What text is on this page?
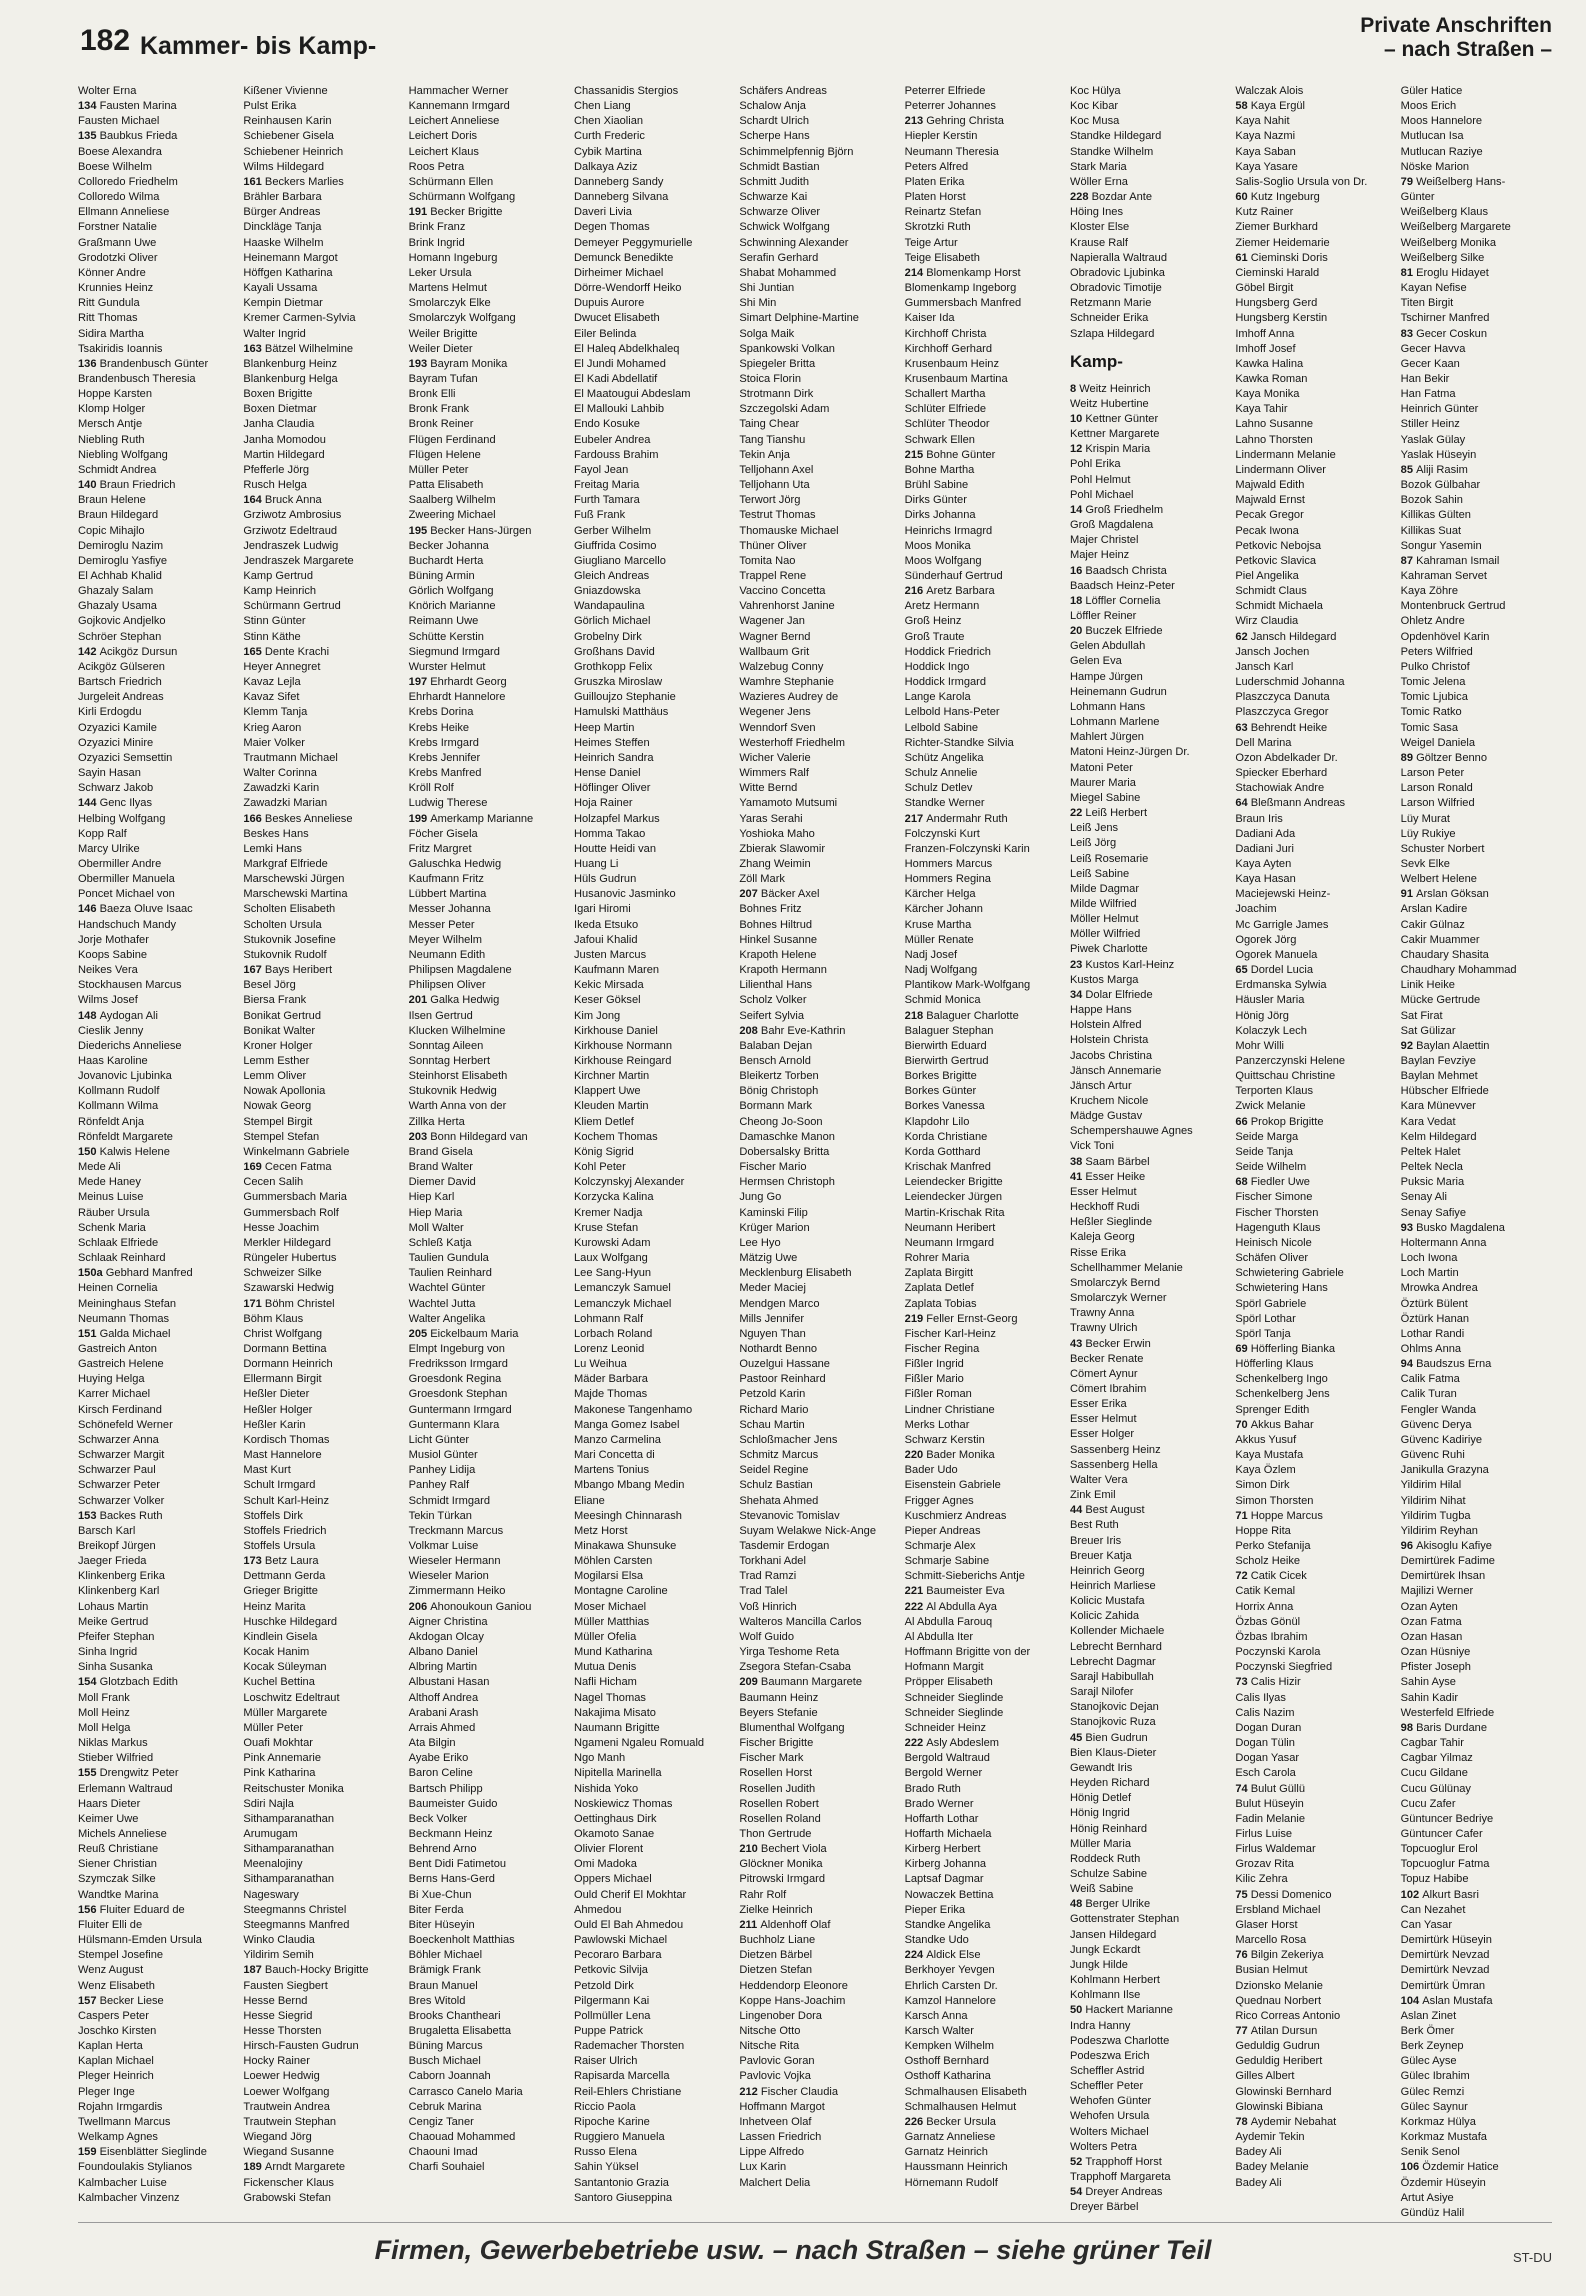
182 Kammer- bis Kamp-
Private Anschriften
– nach Straßen –
Wolter Erna
134 Fausten Marina
Fausten Michael
135 Baubkus Frieda
Boese Alexandra
Boese Wilhelm
Colloredo Friedhelm
Colloredo Wilma
Ellmann Anneliese
Forstner Natalie
Graßmann Uwe
Grodotzki Oliver
Könner Andre
Krunnies Heinz
Ritt Gundula
Ritt Thomas
Sidira Martha
Tsakiridis Ioannis
136 Brandenbusch Günter
Brandenbusch Theresia
Hoppe Karsten
Klomp Holger
Mersch Antje
Niebling Ruth
Niebling Wolfgang
Schmidt Andrea
140 Braun Friedrich
Braun Helene
Braun Hildegard
Copic Mihajlo
Demiroglu Nazim
Demiroglu Yasfiye
El Achhab Khalid
Ghazaly Salam
Ghazaly Usama
Gojkovic Andjelko
Schröer Stephan
142 Acikgöz Dursun
Acikgöz Gülseren
Bartsch Friedrich
Jurgeleit Andreas
Kirli Erdogdu
Ozyazici Kamile
Ozyazici Minire
Ozyazici Semsettin
Sayin Hasan
Schwarz Jakob
144 Genc Ilyas
Helbing Wolfgang
Kopp Ralf
Marcy Ulrike
Obermiller Andre
Obermiller Manuela
Poncet Michael von
146 Baeza Oluve Isaac
Handschuch Mandy
Jorje Mothafer
Koops Sabine
Neikes Vera
Stockhausen Marcus
Wilms Josef
148 Aydogan Ali
Cieslik Jenny
Diederichs Anneliese
Haas Karoline
Jovanovic Ljubinka
Kollmann Rudolf
Kollmann Wilma
Rönfeldt Anja
Rönfeldt Margarete
150 Kalwis Helene
Mede Ali
Mede Haney
Meinus Luise
Räuber Ursula
Schenk Maria
Schlaak Elfriede
Schlaak Reinhard
150a Gebhard Manfred
Heinen Cornelia
Meininghaus Stefan
Neumann Thomas
151 Galda Michael
Gastreich Anton
Gastreich Helene
Huying Helga
Karrer Michael
Kirsch Ferdinand
Schönefeld Werner
Schwarzer Anna
Schwarzer Margit
Schwarzer Paul
Schwarzer Peter
Schwarzer Volker
153 Backes Ruth
Barsch Karl
Breikopf Jürgen
Jaeger Frieda
Klinkenberg Erika
Klinkenberg Karl
Lohaus Martin
Meike Gertrud
Pfeifer Stephan
Sinha Ingrid
Sinha Susanka
154 Glotzbach Edith
Moll Frank
Moll Heinz
Moll Helga
Niklas Markus
Stieber Wilfried
155 Drengwitz Peter
Erlemann Waltraud
Haars Dieter
Keimer Uwe
Michels Anneliese
Reuß Christiane
Siener Christian
Szymczak Silke
Wandtke Marina
156 Fluiter Eduard de
Fluiter Elli de
Hülsmann-Emden Ursula
Stempel Josefine
Wenz August
Wenz Elisabeth
157 Becker Liese
Caspers Peter
Joschko Kirsten
Kaplan Herta
Kaplan Michael
Pleger Heinrich
Pleger Inge
Rojahn Irmgardis
Twellmann Marcus
Welkamp Agnes
159 Eisenblätter Sieglinde
Foundoulakis Stylianos
Kalmbacher Luise
Kalmbacher Vinzenz
Kißener Vivienne
Pulst Erika
Reinhausen Karin
Schiebener Gisela
Schiebener Heinrich
Wilms Hildegard
161 Beckers Marlies
Brähler Barbara
Bürger Andreas
Dinckläge Tanja
Haaske Wilhelm
Heinemann Margot
Höffgen Katharina
Kayali Ussama
Kempin Dietmar
Kremer Carmen-Sylvia
Walter Ingrid
163 Bätzel Wilhelmine
Blankenburg Heinz
Blankenburg Helga
Boxen Brigitte
Boxen Dietmar
Janha Claudia
Janha Momodou
Martin Hildegard
Pfefferle Jörg
Rusch Helga
164 Bruck Anna
Grziwotz Ambrosius
Grziwotz Edeltraud
Jendraszek Ludwig
Jendraszek Margarete
Kamp Gertrud
Kamp Heinrich
Schürmann Gertrud
Stinn Günter
Stinn Käthe
165 Dente Krachi
Heyer Annegret
Kavaz Lejla
Kavaz Sifet
Klemm Tanja
Krieg Aaron
Maier Volker
Trautmann Michael
Walter Corinna
Zawadzki Karin
Zawadzki Marian
166 Beskes Anneliese
Beskes Hans
Lemki Hans
Markgraf Elfriede
Marschewski Jürgen
Marschewski Martina
Scholten Elisabeth
Scholten Ursula
Stukovnik Josefine
Stukovnik Rudolf
167 Bays Heribert
Besel Jörg
Biersa Frank
Bonikat Gertrud
Bonikat Walter
Kroner Holger
Lemm Esther
Lemm Oliver
Nowak Apollonia
Nowak Georg
Stempel Birgit
Stempel Stefan
Winkelmann Gabriele
169 Cecen Fatma
Cecen Salih
Gummersbach Maria
Gummersbach Rolf
Hesse Joachim
Merkler Hildegard
Rüngeler Hubertus
Schweizer Silke
Szawarski Hedwig
171 Böhm Christel
Böhm Klaus
Christ Wolfgang
Dormann Bettina
Dormann Heinrich
Ellermann Birgit
Heßler Dieter
Heßler Holger
Heßler Karin
Kordisch Thomas
Mast Hannelore
Mast Kurt
Schult Irmgard
Schult Karl-Heinz
Stoffels Dirk
Stoffels Friedrich
Stoffels Ursula
173 Betz Laura
Dettmann Gerda
Grieger Brigitte
Heinz Marita
Huschke Hildegard
Kindlein Gisela
Kocak Hanim
Kocak Süleyman
Kuchel Bettina
Loschwitz Edeltraut
Müller Margarete
Müller Peter
Ouafi Mokhtar
Pink Annemarie
Pink Katharina
Reitschuster Monika
Sdiri Najla
Sithamparanathan
Arumugam
Sithamparanathan
Meenalojiny
Sithamparanathan
Nageswary
Steegmanns Christel
Steegmanns Manfred
Winko Claudia
Yildirim Semih
187 Bauch-Hocky Brigitte
Fausten Siegbert
Hesse Bernd
Hesse Siegrid
Hesse Thorsten
Hirsch-Fausten Gudrun
Hocky Rainer
Loewer Hedwig
Loewer Wolfgang
Trautwein Andrea
Trautwein Stephan
Wiegand Jörg
Wiegand Susanne
189 Arndt Margarete
Fickenscher Klaus
Grabowski Stefan
Hammacher Werner
Kannemann Irmgard
Leichert Anneliese
Leichert Doris
Leichert Klaus
Roos Petra
Schürmann Ellen
Schürmann Wolfgang
191 Becker Brigitte
Brink Franz
Brink Ingrid
Homann Ingeburg
Leker Ursula
Martens Helmut
Smolarczyk Elke
Smolarczyk Wolfgang
Weiler Brigitte
Weiler Dieter
193 Bayram Monika
Bayram Tufan
Bronk Elli
Bronk Frank
Bronk Reiner
Flügen Ferdinand
Flügen Helene
Müller Peter
Patta Elisabeth
Saalberg Wilhelm
Zweering Michael
195 Becker Hans-Jürgen
Becker Johanna
Buchardt Herta
Büning Armin
Görlich Wolfgang
Knörich Marianne
Reimann Uwe
Schütte Kerstin
Siegmund Irmgard
Wurster Helmut
197 Ehrhardt Georg
Ehrhardt Hannelore
Krebs Dorina
Krebs Heike
Krebs Irmgard
Krebs Jennifer
Krebs Manfred
Kröll Rolf
Ludwig Therese
199 Amerkamp Marianne
Föcher Gisela
Fritz Margret
Galuschka Hedwig
Kaufmann Fritz
Lübbert Martina
Messer Johanna
Messer Peter
Meyer Wilhelm
Neumann Edith
Philipsen Magdalene
Philipsen Oliver
201 Galka Hedwig
Ilsen Gertrud
Klucken Wilhelmine
Sonntag Aileen
Sonntag Herbert
Steinhorst Elisabeth
Stukovnik Hedwig
Warth Anna von der
Zillka Herta
203 Bonn Hildegard van
Brand Gisela
Brand Walter
Diemer David
Hiep Karl
Hiep Maria
Moll Walter
Schleß Katja
Taulien Gundula
Taulien Reinhard
Wachtel Günter
Wachtel Jutta
Walter Angelika
205 Eickelbaum Maria
Elmpt Ingeburg von
Fredriksson Irmgard
Groesdonk Regina
Groesdonk Stephan
Guntermann Irmgard
Guntermann Klara
Licht Günter
Musiol Günter
Panhey Lidija
Panhey Ralf
Schmidt Irmgard
Tekin Türkan
Treckmann Marcus
Volkmar Luise
Wieseler Hermann
Wieseler Marion
Zimmermann Heiko
206 Ahonoukoun Ganiou
Aigner Christina
Akdogan Olcay
Albano Daniel
Albring Martin
Albustani Hasan
Althoff Andrea
Arabani Arash
Arrais Ahmed
Ata Bilgin
Ayabe Eriko
Baron Celine
Bartsch Philipp
Baumeister Guido
Beck Volker
Beckmann Heinz
Behrend Arno
Bent Didi Fatimetou
Berns Hans-Gerd
Bi Xue-Chun
Biter Ferda
Biter Hüseyin
Boeckenholt Matthias
Böhler Michael
Brämigk Frank
Braun Manuel
Bres Witold
Brooks Chantheari
Brugaletta Elisabetta
Büning Marcus
Busch Michael
Caborn Joannah
Carrasco Canelo Maria
Cebruk Marina
Cengiz Taner
Chaouad Mohammed
Chaouni Imad
Charfi Souhaiel
Chassanidis Stergios
Chen Liang
Chen Xiaolian
Curth Frederic
Cybik Martina
Dalkaya Aziz
Danneberg Sandy
Danneberg Silvana
Daveri Livia
Degen Thomas
Demeyer Peggymurielle
Demunck Benedikte
Dirheimer Michael
Dörre-Wendorff Heiko
Dupuis Aurore
Dwucet Elisabeth
Eiler Belinda
El Haleq Abdelkhaleq
El Jundi Mohamed
El Kadi Abdellatif
El Maatougui Abdeslam
El Mallouki Lahbib
Endo Kosuke
Eubeler Andrea
Fardouss Brahim
Fayol Jean
Freitag Maria
Furth Tamara
Fuß Frank
Gerber Wilhelm
Giuffrida Cosimo
Giugliano Marcello
Gleich Andreas
Gniazdowska
Wandapaulina
Görlich Michael
Grobelny Dirk
Großhans David
Grothkopp Felix
Gruszka Miroslaw
Guilloujzo Stephanie
Hamulski Matthäus
Heep Martin
Heimes Steffen
Heinrich Sandra
Hense Daniel
Höflinger Oliver
Hoja Rainer
Holzapfel Markus
Homma Takao
Houtte Heidi van
Huang Li
Hüls Gudrun
Husanovic Jasminko
Igari Hiromi
Ikeda Etsuko
Jafoui Khalid
Justen Marcus
Kaufmann Maren
Kekic Mirsada
Keser Göksel
Kim Jong
Kirkhouse Daniel
Kirkhouse Normann
Kirkhouse Reingard
Kirchner Martin
Klappert Uwe
Kleuden Martin
Kliem Detlef
Kochem Thomas
König Sigrid
Kohl Peter
Kolczynskyj Alexander
Korzycka Kalina
Kremer Nadja
Kruse Stefan
Kurowski Adam
Laux Wolfgang
Lee Sang-Hyun
Lemanczyk Samuel
Lemanczyk Michael
Lohmann Ralf
Lorbach Roland
Lorenz Leonid
Lu Weihua
Mäder Barbara
Majde Thomas
Makonese Tangenhamo
Manga Gomez Isabel
Manzo Carmelina
Mari Concetta di
Martens Tonius
Mbango Mbang Medin
Eliane
Meesingh Chinnarash
Metz Horst
Minakawa Shunsuke
Möhlen Carsten
Mogilarsi Elsa
Montagne Caroline
Moser Michael
Müller Matthias
Müller Ofelia
Mund Katharina
Mutua Denis
Nafli Hicham
Nagel Thomas
Nakajima Misato
Naumann Brigitte
Ngameni Ngaleu Romuald
Ngo Manh
Nipitella Marinella
Nishida Yoko
Noskiewicz Thomas
Oettinghaus Dirk
Okamoto Sanae
Olivier Florent
Omi Madoka
Oppers Michael
Ould Cherif El Mokhtar
Ahmedou
Ould El Bah Ahmedou
Pawlowski Michael
Pecoraro Barbara
Petkovic Silvija
Petzold Dirk
Pilgermann Kai
Pollmüller Lena
Puppe Patrick
Rademacher Thorsten
Raiser Ulrich
Rapisarda Marcella
Reil-Ehlers Christiane
Riccio Paola
Ripoche Karine
Ruggiero Manuela
Russo Elena
Sahin Yüksel
Santantonio Grazia
Santoro Giuseppina
Schäfers Andreas
Schalow Anja
Schardt Ulrich
Scherpe Hans
Schimmelpfennig Björn
Schmidt Bastian
Schmitt Judith
Schwarze Kai
Schwarze Oliver
Schwick Wolfgang
Schwinning Alexander
Serafin Gerhard
Shabat Mohammed
Shi Juntian
Shi Min
Simart Delphine-Martine
Solga Maik
Spankowski Volkan
Spiegeler Britta
Stoica Florin
Strotmann Dirk
Szczegolski Adam
Taing Chear
Tang Tianshu
Tekin Anja
Telljohann Axel
Telljohann Uta
Terwort Jörg
Testrut Thomas
Thomauske Michael
Thüner Oliver
Tomita Nao
Trappel Rene
Vaccino Concetta
Vahrenhorst Janine
Wagener Jan
Wagner Bernd
Wallbaum Grit
Walzebug Conny
Wamhre Stephanie
Wazieres Audrey de
Wegener Jens
Wenndorf Sven
Westerhoff Friedhelm
Wicher Valerie
Wimmers Ralf
Witte Bernd
Yamamoto Mutsumi
Yaras Serahi
Yoshioka Maho
Zbierak Slawomir
Zhang Weimin
Zöll Mark
207 Bäcker Axel
Bohnes Fritz
Bohnes Hiltrud
Hinkel Susanne
Krapoth Helene
Krapoth Hermann
Lilienthal Hans
Scholz Volker
Seifert Sylvia
208 Bahr Eve-Kathrin
Balaban Dejan
Bensch Arnold
Bleikertz Torben
Bönig Christoph
Bormann Mark
Cheong Jo-Soon
Damaschke Manon
Dobersalsky Britta
Fischer Mario
Hermsen Christoph
Jung Go
Kaminski Filip
Krüger Marion
Lee Hyo
Mätzig Uwe
Mecklenburg Elisabeth
Meder Maciej
Mendgen Marco
Mills Jennifer
Nguyen Than
Nothardt Benno
Ouzelgui Hassane
Pastoor Reinhard
Petzold Karin
Richard Mario
Schau Martin
Schloßmacher Jens
Schmitz Marcus
Seidel Regine
Schulz Bastian
Shehata Ahmed
Stevanovic Tomislav
Suyam Welakwe Nick-Ange
Tasdemir Erdogan
Torkhani Adel
Trad Ramzi
Trad Talel
Voß Hinrich
Walteros Mancilla Carlos
Wolf Guido
Yirga Teshome Reta
Zsegora Stefan-Csaba
209 Baumann Margarete
Baumann Heinz
Beyers Stefanie
Blumenthal Wolfgang
Fischer Brigitte
Fischer Mark
Rosellen Horst
Rosellen Judith
Rosellen Robert
Rosellen Roland
Thon Gertrude
210 Bechert Viola
Glöckner Monika
Pitrowski Irmgard
Rahr Rolf
Zielke Heinrich
211 Aldenhoff Olaf
Buchholz Liane
Dietzen Bärbel
Dietzen Stefan
Heddendorp Eleonore
Koppe Hans-Joachim
Lingenober Dora
Nitsche Otto
Nitsche Rita
Pavlovic Goran
Pavlovic Vojka
212 Fischer Claudia
Hoffmann Margot
Inhetveen Olaf
Lassen Friedrich
Lippe Alfredo
Lux Karin
Malchert Delia
Peterrer Elfriede
Peterrer Johannes
213 Gehring Christa
Hiepler Kerstin
Neumann Theresia
Peters Alfred
Platen Erika
Platen Horst
Reinartz Stefan
Skrotzki Ruth
Teige Artur
Teige Elisabeth
214 Blomenkamp Horst
Blomenkamp Ingeborg
Gummersbach Manfred
Kaiser Ida
Kirchhoff Christa
Kirchhoff Gerhard
Krusenbaum Heinz
Krusenbaum Martina
Schallert Martha
Schlüter Elfriede
Schlüter Theodor
Schwark Ellen
215 Bohne Günter
Bohne Martha
Brühl Sabine
Dirks Günter
Dirks Johanna
Heinrichs Irmagrd
Moos Monika
Moos Wolfgang
Sünderhauf Gertrud
216 Aretz Barbara
Aretz Hermann
Groß Heinz
Groß Traute
Hoddick Friedrich
Hoddick Ingo
Hoddick Irmgard
Lange Karola
Lelbold Hans-Peter
Lelbold Sabine
Richter-Standke Silvia
Schütz Angelika
Schulz Annelie
Schulz Detlev
Standke Werner
217 Andermahr Ruth
Folczynski Kurt
Franzen-Folczynski Karin
Hommers Marcus
Hommers Regina
Kärcher Helga
Kärcher Johann
Kruse Martha
Müller Renate
Nadj Josef
Nadj Wolfgang
Plantikow Mark-Wolfgang
Schmid Monica
218 Balaguer Charlotte
Balaguer Stephan
Bierwirth Eduard
Bierwirth Gertrud
Borkes Brigitte
Borkes Günter
Borkes Vanessa
Klapdohr Lilo
Korda Christiane
Korda Gotthard
Krischak Manfred
Leiendecker Brigitte
Leiendecker Jürgen
Martin-Krischak Rita
Neumann Heribert
Neumann Irmgard
Rohrer Maria
Zaplata Birgitt
Zaplata Detlef
Zaplata Tobias
219 Feller Ernst-Georg
Fischer Karl-Heinz
Fischer Regina
Fißler Ingrid
Fißler Mario
Fißler Roman
Lindner Christiane
Merks Lothar
Schwarz Kerstin
220 Bader Monika
Bader Udo
Eisenstein Gabriele
Frigger Agnes
Kuschmierz Andreas
Pieper Andreas
Schmarje Alex
Schmarje Sabine
Schmitt-Sieberichs Antje
221 Baumeister Eva
222 Al Abdulla Aya
Al Abdulla Farouq
Al Abdulla Iter
Hoffmann Brigitte von der
Hofmann Margit
Pröpper Elisabeth
Schneider Sieglinde
Schneider Sieglinde
Schneider Heinz
222 Asly Abdeslem
Bergold Waltraud
Bergold Werner
Brado Ruth
Brado Werner
Hoffarth Lothar
Hoffarth Michaela
Kirberg Herbert
Kirberg Johanna
Laptsaf Dagmar
Nowaczek Bettina
Pieper Erika
Standke Angelika
Standke Udo
224 Aldick Else
Berkhoyer Yevgen
Ehrlich Carsten Dr.
Kamzol Hannelore
Karsch Anna
Karsch Walter
Kempken Wilhelm
Osthoff Bernhard
Osthoff Katharina
Schmalhausen Elisabeth
Schmalhausen Helmut
226 Becker Ursula
Garnatz Anneliese
Garnatz Heinrich
Haussmann Heinrich
Hörnemann Rudolf
Koc Hülya
Koc Kibar
Koc Musa
Standke Hildegard
Standke Wilhelm
Stark Maria
Wöller Erna
228 Bozdar Ante
Höing Ines
Kloster Else
Krause Ralf
Napieralla Waltraud
Obradovic Ljubinka
Obradovic Timotije
Retzmann Marie
Schneider Erika
Szlapa Hildegard
Kamp-
8 Weitz Heinrich
Weitz Hubertine
10 Kettner Günter
Kettner Margarete
12 Krispin Maria
Pohl Erika
Pohl Helmut
Pohl Michael
14 Groß Friedhelm
Groß Magdalena
Majer Christel
Majer Heinz
16 Baadsch Christa
Baadsch Heinz-Peter
18 Löffler Cornelia
Löffler Reiner
20 Buczek Elfriede
Gelen Abdullah
Gelen Eva
Hampe Jürgen
Heinemann Gudrun
Lohmann Hans
Lohmann Marlene
Mahlert Jürgen
Matoni Heinz-Jürgen Dr.
Matoni Peter
Maurer Maria
Miegel Sabine
22 Leiß Herbert
Leiß Jens
Leiß Jörg
Leiß Rosemarie
Leiß Sabine
Milde Dagmar
Milde Wilfried
Möller Helmut
Möller Wilfried
Piwek Charlotte
23 Kustos Karl-Heinz
Kustos Marga
34 Dolar Elfriede
Happe Hans
Holstein Alfred
Holstein Christa
Jacobs Christina
Jänsch Annemarie
Jänsch Artur
Kruchem Nicole
Mädge Gustav
Schempershauwe Agnes
Vick Toni
38 Saam Bärbel
41 Esser Heike
Esser Helmut
Heckhoff Rudi
Heßler Sieglinde
Kaleja Georg
Risse Erika
Schellhammer Melanie
Smolarczyk Bernd
Smolarczyk Werner
Trawny Anna
Trawny Ulrich
43 Becker Erwin
Becker Renate
Cömert Aynur
Cömert Ibrahim
Esser Erika
Esser Helmut
Esser Holger
Sassenberg Heinz
Sassenberg Hella
Walter Vera
Zink Emil
44 Best August
Best Ruth
Breuer Iris
Breuer Katja
Heinrich Georg
Heinrich Marliese
Kolicic Mustafa
Kolicic Zahida
Kollender Michaele
Lebrecht Bernhard
Lebrecht Dagmar
Sarajl Habibullah
Sarajl Nilofer
Stanojkovic Dejan
Stanojkovic Ruza
45 Bien Gudrun
Bien Klaus-Dieter
Gewandt Iris
Heyden Richard
Hönig Detlef
Hönig Ingrid
Hönig Reinhard
Müller Maria
Roddeck Ruth
Schulze Sabine
Weiß Sabine
48 Berger Ulrike
Gottenstrater Stephan
Jansen Hildegard
Jungk Eckardt
Jungk Hilde
Kohlmann Herbert
Kohlmann Ilse
50 Hackert Marianne
Indra Hanny
Podeszwa Charlotte
Podeszwa Erich
Scheffler Astrid
Scheffler Peter
Wehofen Günter
Wehofen Ursula
Wolters Michael
Wolters Petra
52 Trapphoff Horst
Trapphoff Margareta
54 Dreyer Andreas
Dreyer Bärbel
Walczak Alois
58 Kaya Ergül
Kaya Nahit
Kaya Nazmi
Kaya Saban
Kaya Yasare
Salis-Soglio Ursula von Dr.
60 Kutz Ingeburg
Kutz Rainer
Ziemer Burkhard
Ziemer Heidemarie
61 Cieminski Doris
Cieminski Harald
Göbel Birgit
Hungsberg Gerd
Hungsberg Kerstin
Imhoff Anna
Imhoff Josef
Kawka Halina
Kawka Roman
Kaya Monika
Kaya Tahir
Lahno Susanne
Lahno Thorsten
Lindermann Melanie
Lindermann Oliver
Majwald Edith
Majwald Ernst
Pecak Gregor
Pecak Iwona
Petkovic Nebojsa
Petkovic Slavica
Piel Angelika
Schmidt Claus
Schmidt Michaela
Wirz Claudia
62 Jansch Hildegard
Jansch Jochen
Jansch Karl
Luderschmid Johanna
Plaszczyca Danuta
Plaszczyca Gregor
63 Behrendt Heike
Dell Marina
Ozon Abdelkader Dr.
Spiecker Eberhard
Stachowiak Andre
64 Bleßmann Andreas
Braun Iris
Dadiani Ada
Dadiani Juri
Kaya Ayten
Kaya Hasan
Maciejewski Heinz-
Joachim
Mc Garrigle James
Ogorek Jörg
Ogorek Manuela
65 Dordel Lucia
Erdmanska Sylwia
Häusler Maria
Hönig Jörg
Kolaczyk Lech
Mohr Willi
Panzerczynski Helene
Quittschau Christine
Terporten Klaus
Zwick Melanie
66 Prokop Brigitte
Seide Marga
Seide Tanja
Seide Wilhelm
68 Fiedler Uwe
Fischer Simone
Fischer Thorsten
Hagenguth Klaus
Heinisch Nicole
Schäfen Oliver
Schwietering Gabriele
Schwietering Hans
Spörl Gabriele
Spörl Lothar
Spörl Tanja
69 Höfferling Bianka
Höfferling Klaus
Schenkelberg Ingo
Schenkelberg Jens
Sprenger Edith
70 Akkus Bahar
Akkus Yusuf
Kaya Mustafa
Kaya Özlem
Simon Dirk
Simon Thorsten
71 Hoppe Marcus
Hoppe Rita
Perko Stefanija
Scholz Heike
72 Catik Cicek
Catik Kemal
Horrix Anna
Özbas Gönül
Özbas Ibrahim
Poczynski Karola
Poczynski Siegfried
73 Calis Hizir
Calis Ilyas
Calis Nazim
Dogan Duran
Dogan Tülin
Dogan Yasar
Esch Carola
74 Bulut Güllü
Bulut Hüseyin
Fadin Melanie
Firlus Luise
Firlus Waldemar
Grozav Rita
Kilic Zehra
75 Dessi Domenico
Ersbland Michael
Glaser Horst
Marcello Rosa
76 Bilgin Zekeriya
Busian Helmut
Dzionsko Melanie
Quednau Norbert
Rico Correas Antonio
77 Atilan Dursun
Geduldig Gudrun
Geduldig Heribert
Gilles Albert
Glowinski Bernhard
Glowinski Bibiana
78 Aydemir Nebahat
Aydemir Tekin
Badey Ali
Badey Melanie
Badey Ali
Güler Hatice
Moos Erich
Moos Hannelore
Mutlucan Isa
Mutlucan Raziye
Nöske Marion
79 Weißelberg Hans-
Günter
Weißelberg Klaus
Weißelberg Margarete
Weißelberg Monika
Weißelberg Silke
81 Eroglu Hidayet
Kayan Nefise
Titen Birgit
Tschirner Manfred
83 Gecer Coskun
Gecer Havva
Gecer Kaan
Han Bekir
Han Fatma
Heinrich Günter
Stiller Heinz
Yaslak Gülay
Yaslak Hüseyin
85 Aliji Rasim
Bozok Gülbahar
Bozok Sahin
Killikas Gülten
Killikas Suat
Songur Yasemin
87 Kahraman Ismail
Kahraman Servet
Kaya Zöhre
Montenbruck Gertrud
Ohletz Andre
Opdenhövel Karin
Peters Wilfried
Pulko Christof
Tomic Jelena
Tomic Ljubica
Tomic Ratko
Tomic Sasa
Weigel Daniela
89 Göltzer Benno
Larson Peter
Larson Ronald
Larson Wilfried
Lüy Murat
Lüy Rukiye
Schuster Norbert
Sevk Elke
Welbert Helene
91 Arslan Göksan
Arslan Kadire
Cakir Gülnaz
Cakir Muammer
Chaudary Shasita
Chaudhary Mohammad
Linik Heike
Mücke Gertrude
Sat Firat
Sat Gülizar
92 Baylan Alaettin
Baylan Fevziye
Baylan Mehmet
Hübscher Elfriede
Kara Münevver
Kara Vedat
Kelm Hildegard
Peltek Halet
Peltek Necla
Puksic Maria
Senay Ali
Senay Safiye
93 Busko Magdalena
Holtermann Anna
Loch Iwona
Loch Martin
Mrowka Andrea
Öztürk Bülent
Öztürk Hanan
Lothar Randi
Ohlms Anna
94 Baudszus Erna
Calik Fatma
Calik Turan
Fengler Wanda
Güvenc Derya
Güvenc Kadiriye
Güvenc Ruhi
Janikulla Grazyna
Yildirim Hilal
Yildirim Nihat
Yildirim Tugba
Yildirim Reyhan
96 Akisoglu Kafiye
Demirtürek Fadime
Demirtürek Ihsan
Majilizi Werner
Ozan Ayten
Ozan Fatma
Ozan Hasan
Ozan Hüsniye
Pfister Joseph
Sahin Ayse
Sahin Kadir
Westerfeld Elfriede
98 Baris Durdane
Cagbar Tahir
Cagbar Yilmaz
Cucu Gildane
Cucu Gülünay
Cucu Zafer
Güntuncer Bedriye
Güntuncer Cafer
Topcuoglur Erol
Topcuoglur Fatma
Topuz Habibe
102 Alkurt Basri
Can Nezahet
Can Yasar
Demirtürk Hüseyin
Demirtürk Nevzad
Demirtürk Nevzad
Demirtürk Ümran
104 Aslan Mustafa
Aslan Zinet
Berk Ömer
Berk Zeynep
Gülec Ayse
Gülec Ibrahim
Gülec Remzi
Gülec Saynur
Korkmaz Hülya
Korkmaz Mustafa
Senik Senol
106 Özdemir Hatice
Özdemir Hüseyin
Artut Asiye
Gündüz Halil
Firmen, Gewerbebetriebe usw. – nach Straßen – siehe grüner Teil	ST-DU
